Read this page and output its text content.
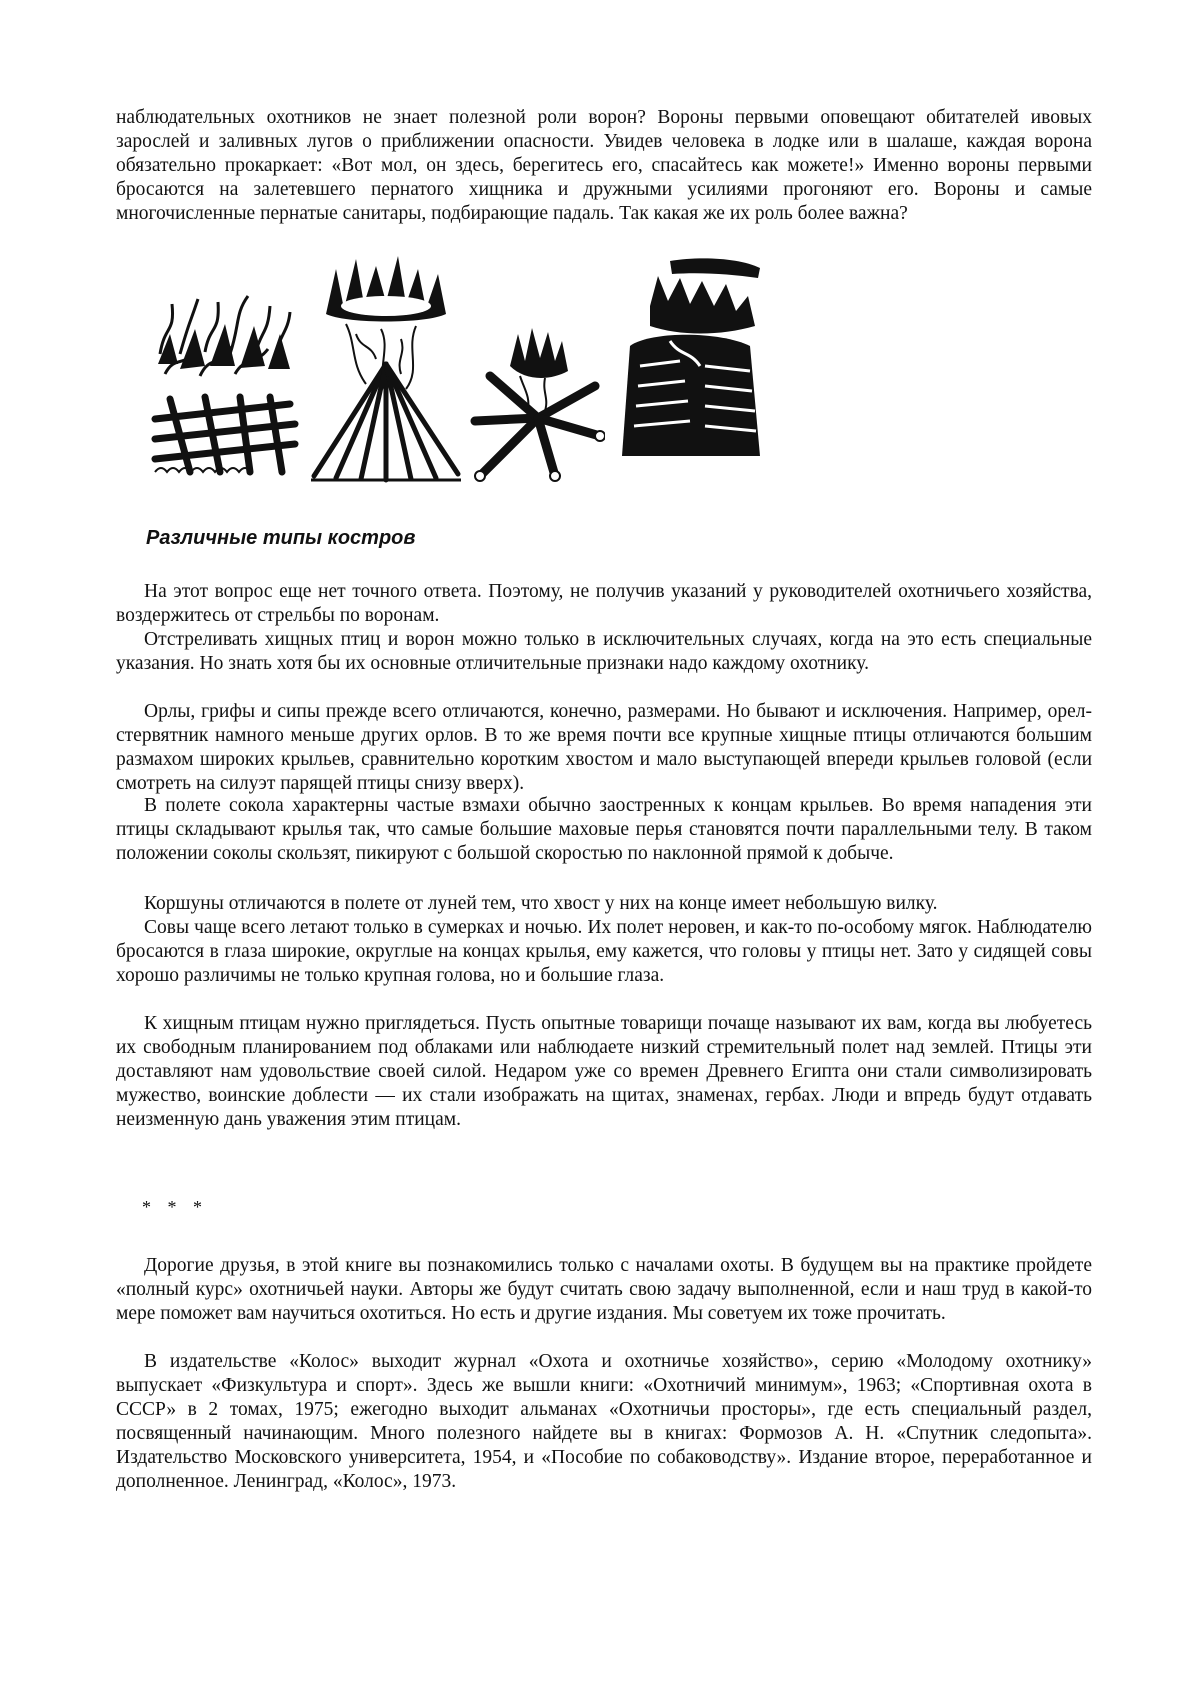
наблюдательных охотников не знает полезной роли ворон? Вороны первыми оповещают обитателей ивовых зарослей и заливных лугов о приближении опасности. Увидев человека в лодке или в шалаше, каждая ворона обязательно прокаркает: «Вот мол, он здесь, берегитесь его, спасайтесь как можете!» Именно вороны первыми бросаются на залетевшего пернатого хищника и дружными усилиями прогоняют его. Вороны и самые многочисленные пернатые санитары, подбирающие падаль. Так какая же их роль более важна?

Различные типы костров

На этот вопрос еще нет точного ответа. Поэтому, не получив указаний у руководителей охотничьего хозяйства, воздержитесь от стрельбы по воронам.

Отстреливать хищных птиц и ворон можно только в исключительных случаях, когда на это есть специальные указания. Но знать хотя бы их основные отличительные признаки надо каждому охотнику.

Орлы, грифы и сипы прежде всего отличаются, конечно, размерами. Но бывают и исключения. Например, орел-стервятник намного меньше других орлов. В то же время почти все крупные хищные птицы отличаются большим размахом широких крыльев, сравнительно коротким хвостом и мало выступающей впереди крыльев головой (если смотреть на силуэт парящей птицы снизу вверх).

В полете сокола характерны частые взмахи обычно заостренных к концам крыльев. Во время нападения эти птицы складывают крылья так, что самые большие маховые перья становятся почти параллельными телу. В таком положении соколы скользят, пикируют с большой скоростью по наклонной прямой к добыче.

Коршуны отличаются в полете от луней тем, что хвост у них на конце имеет небольшую вилку.

Совы чаще всего летают только в сумерках и ночью. Их полет неровен, и как-то по-особому мягок. Наблюдателю бросаются в глаза широкие, округлые на концах крылья, ему кажется, что головы у птицы нет. Зато у сидящей совы хорошо различимы не только крупная голова, но и большие глаза.

К хищным птицам нужно приглядеться. Пусть опытные товарищи почаще называют их вам, когда вы любуетесь их свободным планированием под облаками или наблюдаете низкий стремительный полет над землей. Птицы эти доставляют нам удовольствие своей силой. Недаром уже со времен Древнего Египта они стали символизировать мужество, воинские доблести — их стали изображать на щитах, знаменах, гербах. Люди и впредь будут отдавать неизменную дань уважения этим птицам.

* * *

Дорогие друзья, в этой книге вы познакомились только с началами охоты. В будущем вы на практике пройдете «полный курс» охотничьей науки. Авторы же будут считать свою задачу выполненной, если и наш труд в какой-то мере поможет вам научиться охотиться. Но есть и другие издания. Мы советуем их тоже прочитать.

В издательстве «Колос» выходит журнал «Охота и охотничье хозяйство», серию «Молодому охотнику» выпускает «Физкультура и спорт». Здесь же вышли книги: «Охотничий минимум», 1963; «Спортивная охота в СССР» в 2 томах, 1975; ежегодно выходит альманах «Охотничьи просторы», где есть специальный раздел, посвященный начинающим. Много полезного найдете вы в книгах: Формозов А. Н. «Спутник следопыта». Издательство Московского университета, 1954, и «Пособие по собаководству». Издание второе, переработанное и дополненное. Ленинград, «Колос», 1973.
